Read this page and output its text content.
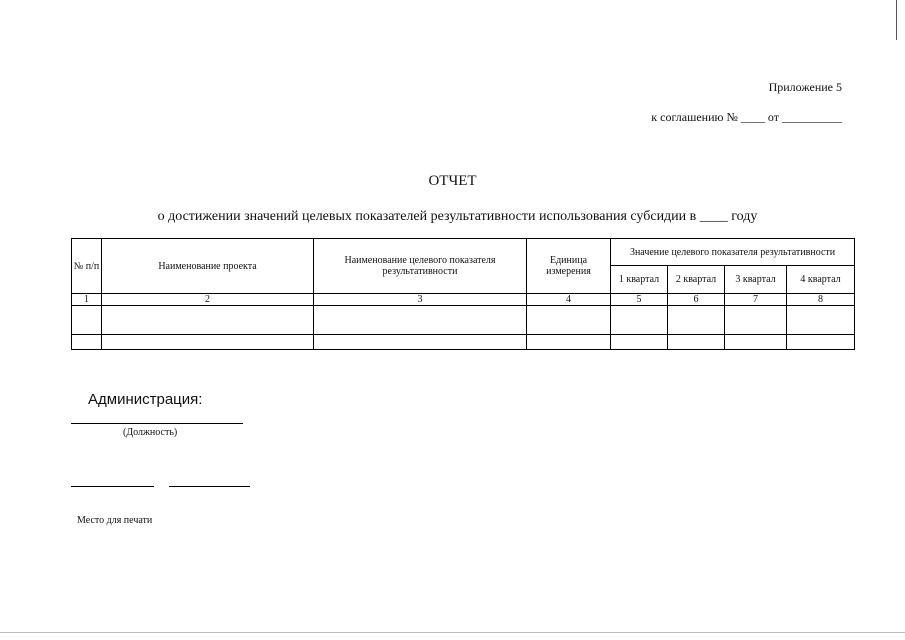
Приложение 5
к соглашению № ____ от __________
ОТЧЕТ
о достижении значений целевых показателей результативности использования субсидии в ____ году
№ п/п	Наименование проекта	Наименование целевого показателя результативности	Единица измерения	Значение целевого показателя результативности			
				1 квартал	2 квартал	3 квартал	4 квартал
1	2	3	4	5	6	7	8

Администрация:
(Должность)
Место для печати
